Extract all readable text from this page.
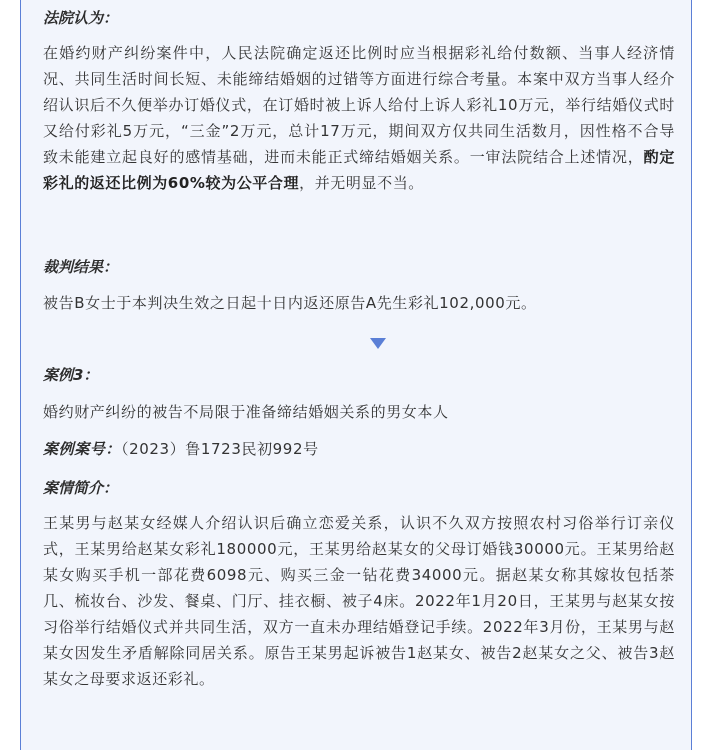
法院认为：

在婚约财产纠纷案件中，人民法院确定返还比例时应当根据彩礼给付数额、当事人经济情况、共同生活时间长短、未能缔结婚姻的过错等方面进行综合考量。本案中双方当事人经介绍认识后不久便举办订婚仪式，在订婚时被上诉人给付上诉人彩礼10万元，举行结婚仪式时又给付彩礼5万元，“三金”2万元，总计17万元，期间双方仅共同生活数月，因性格不合导致未能建立起良好的感情基础，进而未能正式缔结婚姻关系。一审法院结合上述情况，酌定彩礼的返还比例为60%较为公平合理，并无明显不当。

裁判结果：

被告B女士于本判决生效之日起十日内返还原告A先生彩礼102,000元。

案例3：

婚约财产纠纷的被告不局限于准备缔结婚姻关系的男女本人

案例案号：（2023）鲁1723民初992号

案情简介：

王某男与赵某女经媒人介绍认识后确立恋爱关系，认识不久双方按照农村习俗举行订亲仪式，王某男给赵某女彩礼180000元，王某男给赵某女的父母订婚钱30000元。王某男给赵某女购买手机一部花费6098元、购买三金一钻花费34000元。据赵某女称其嫁妆包括茶几、梳妆台、沙发、餐桌、门厅、挂衣橱、被子4床。2022年1月20日，王某男与赵某女按习俗举行结婚仪式并共同生活，双方一直未办理结婚登记手续。2022年3月份，王某男与赵某女因发生矛盾解除同居关系。原告王某男起诉被告1赵某女、被告2赵某女之父、被告3赵某女之母要求返还彩礼。
